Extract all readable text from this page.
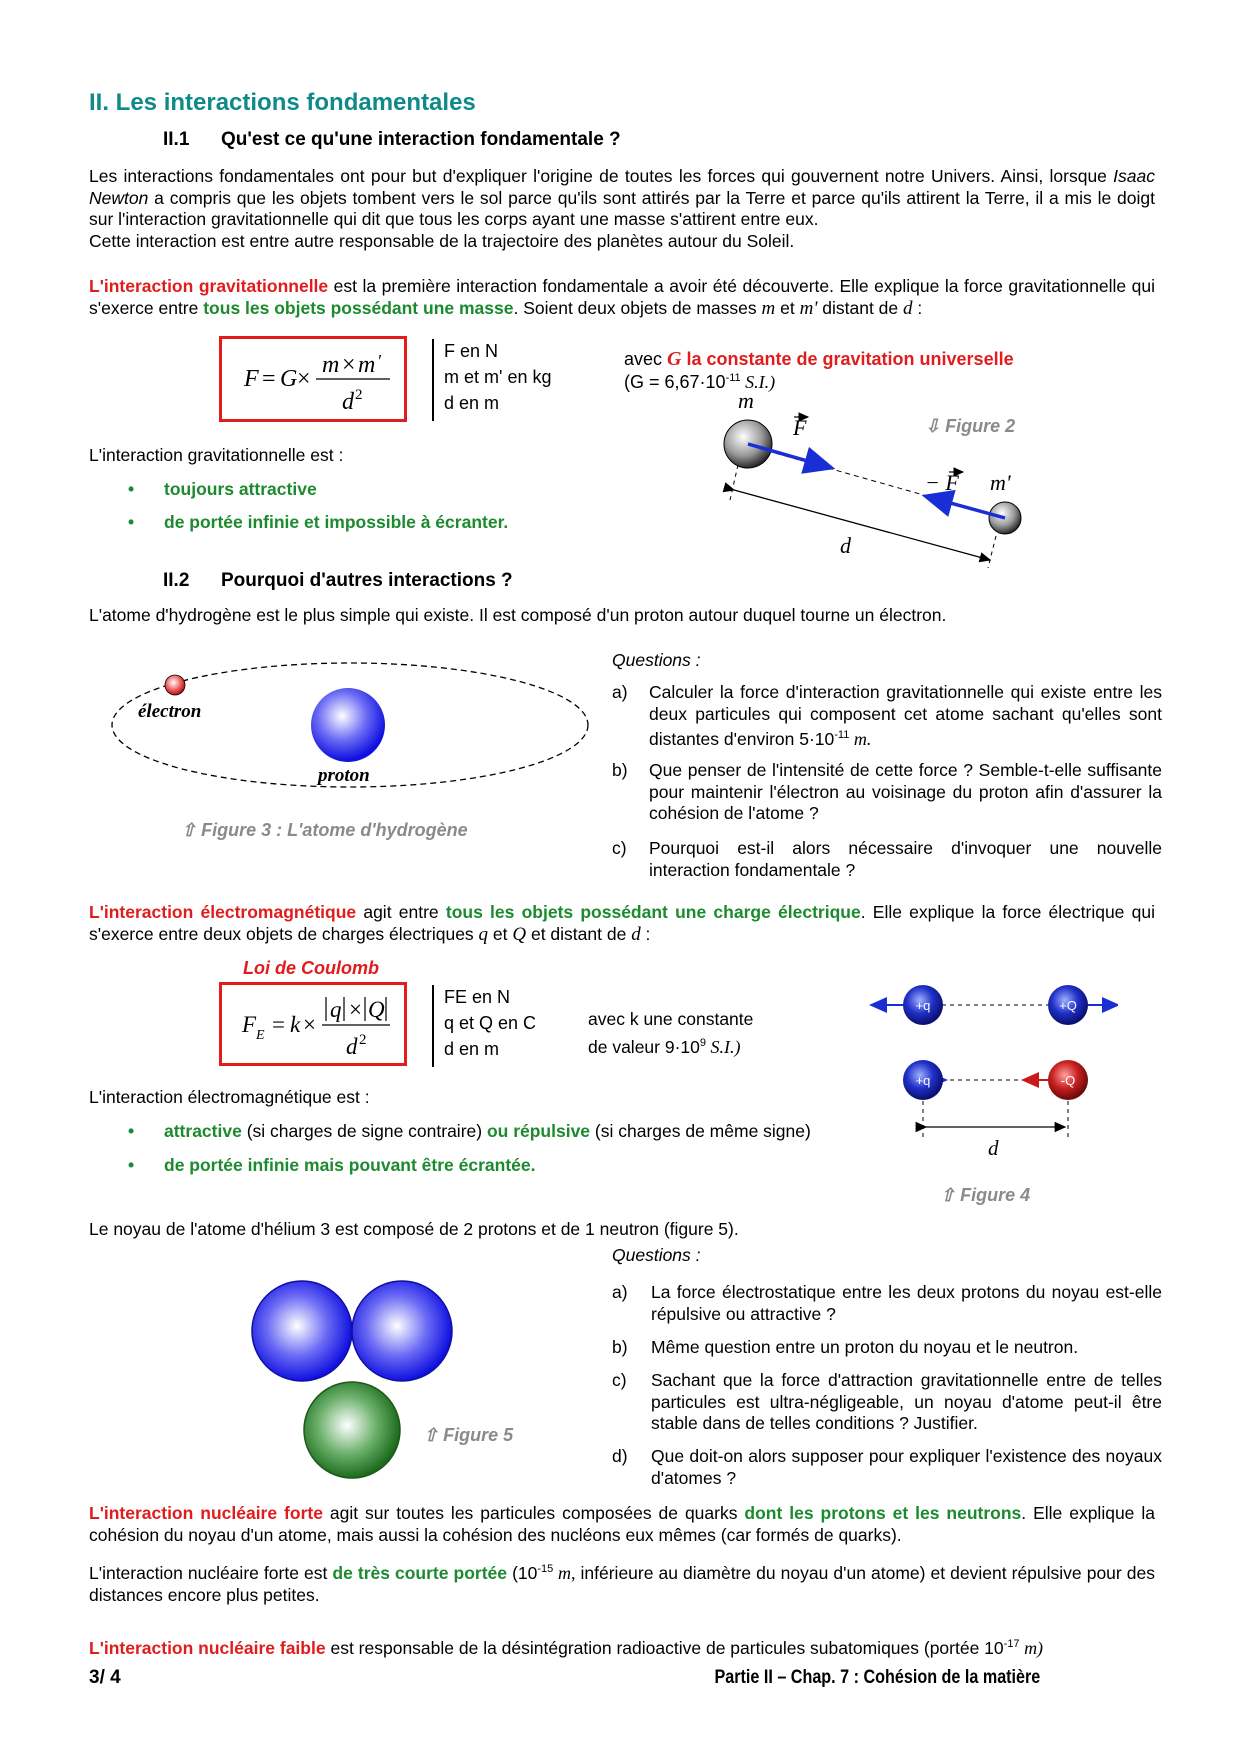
II. Les interactions fondamentales
II.1 Qu'est ce qu'une interaction fondamentale ?
Les interactions fondamentales ont pour but d'expliquer l'origine de toutes les forces qui gouvernent notre Univers. Ainsi, lorsque Isaac Newton a compris que les objets tombent vers le sol parce qu'ils sont attirés par la Terre et parce qu'ils attirent la Terre, il a mis le doigt sur l'interaction gravitationnelle qui dit que tous les corps ayant une masse s'attirent entre eux.
Cette interaction est entre autre responsable de la trajectoire des planètes autour du Soleil.
L'interaction gravitationnelle est la première interaction fondamentale a avoir été découverte. Elle explique la force gravitationnelle qui s'exerce entre tous les objets possédant une masse. Soient deux objets de masses m et m' distant de d :
F = G ×
m × m '
d 2
F en N
m et m' en kg
d en m
avec G la constante de gravitation universelle
($G = 6,67\cdot 10^{-11}$ S.I.)
L'interaction gravitationnelle est :
• toujours attractive
• de portée infinie et impossible à écranter.
m
F
− F m'
d
⇩ Figure 2
II.2 Pourquoi d'autres interactions ?
L'atome d'hydrogène est le plus simple qui existe. Il est composé d'un proton autour duquel tourne un électron.
électron
proton
⇧ Figure 3 : L'atome d'hydrogène
Questions :
a) Calculer la force d'interaction gravitationnelle qui existe entre les deux particules qui composent cet atome sachant qu'elles sont distantes d'environ $5\cdot 10^{-11}$ m.
b) Que penser de l'intensité de cette force ? Semble-t-elle suffisante pour maintenir l'électron au voisinage du proton afin d'assurer la cohésion de l'atome ?
c) Pourquoi est-il alors nécessaire d'invoquer une nouvelle interaction fondamentale ?
L'interaction électromagnétique agit entre tous les objets possédant une charge électrique. Elle explique la force électrique qui s'exerce entre deux objets de charges électriques q et Q et distant de d :
Loi de Coulomb
F E = k ×
q × Q
d 2
FE en N
q et Q en C
d en m
avec k une constante
de valeur $9\cdot 10^9$ S.I.)
L'interaction électromagnétique est :
• attractive (si charges de signe contraire) ou répulsive (si charges de même signe)
• de portée infinie mais pouvant être écrantée.
+q	+Q
+q	-Q
d
⇧ Figure 4
Le noyau de l'atome d'hélium 3 est composé de 2 protons et de 1 neutron (figure 5).
⇧ Figure 5
Questions :
a) La force électrostatique entre les deux protons du noyau est-elle répulsive ou attractive ?
b) Même question entre un proton du noyau et le neutron.
c) Sachant que la force d'attraction gravitationnelle entre de telles particules est ultra-négligeable, un noyau d'atome peut-il être stable dans de telles conditions ? Justifier.
d) Que doit-on alors supposer pour expliquer l'existence des noyaux d'atomes ?
L'interaction nucléaire forte agit sur toutes les particules composées de quarks dont les protons et les neutrons. Elle explique la cohésion du noyau d'un atome, mais aussi la cohésion des nucléons eux mêmes (car formés de quarks).
L'interaction nucléaire forte est de très courte portée ($10^{-15}$ m, inférieure au diamètre du noyau d'un atome) et devient répulsive pour des distances encore plus petites.
L'interaction nucléaire faible est responsable de la désintégration radioactive de particules subatomiques (portée $10^{-17}$ m)
3/ 4	Partie II – Chap. 7 : Cohésion de la matière
